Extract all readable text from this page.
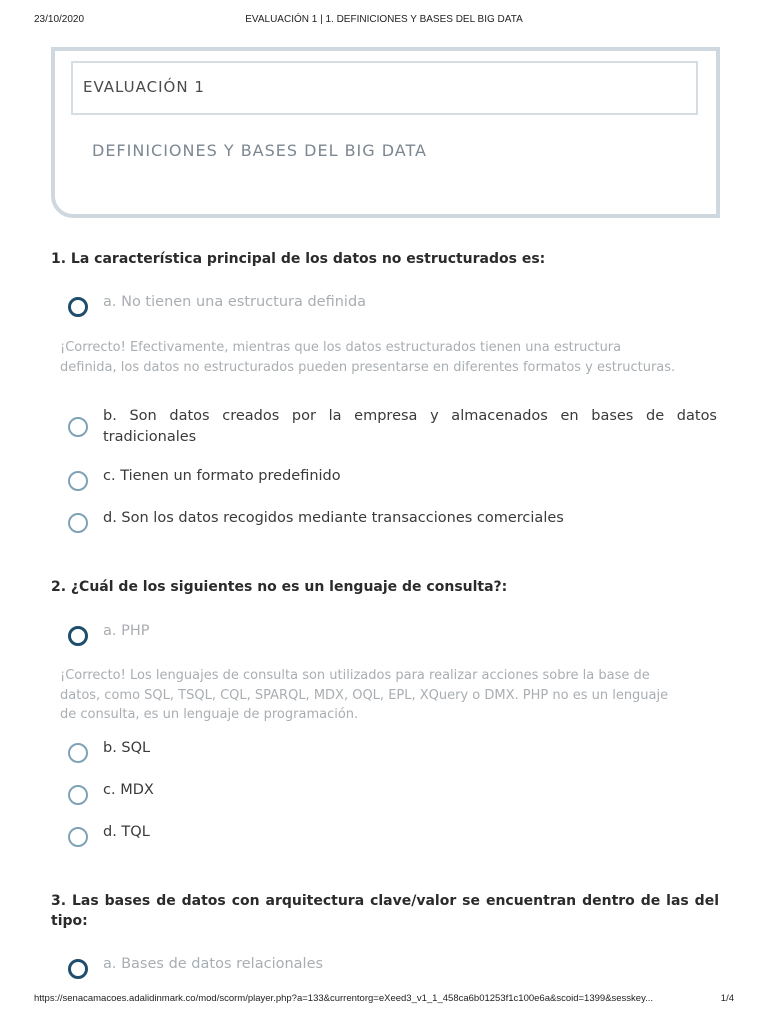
23/10/2020	EVALUACIÓN 1 | 1. DEFINICIONES Y BASES DEL BIG DATA
EVALUACIÓN 1
DEFINICIONES Y BASES DEL BIG DATA
1. La característica principal de los datos no estructurados es:
a. No tienen una estructura definida
¡Correcto! Efectivamente, mientras que los datos estructurados tienen una estructura definida, los datos no estructurados pueden presentarse en diferentes formatos y estructuras.
b. Son datos creados por la empresa y almacenados en bases de datos tradicionales
c. Tienen un formato predefinido
d. Son los datos recogidos mediante transacciones comerciales
2. ¿Cuál de los siguientes no es un lenguaje de consulta?:
a. PHP
¡Correcto! Los lenguajes de consulta son utilizados para realizar acciones sobre la base de datos, como SQL, TSQL, CQL, SPARQL, MDX, OQL, EPL, XQuery o DMX. PHP no es un lenguaje de consulta, es un lenguaje de programación.
b. SQL
c. MDX
d. TQL
3. Las bases de datos con arquitectura clave/valor se encuentran dentro de las del tipo:
a. Bases de datos relacionales
https://senacamacoes.adalidinmark.co/mod/scorm/player.php?a=133&currentorg=eXeed3_v1_1_458ca6b01253f1c100e6a&scoid=1399&sesskey...	1/4
